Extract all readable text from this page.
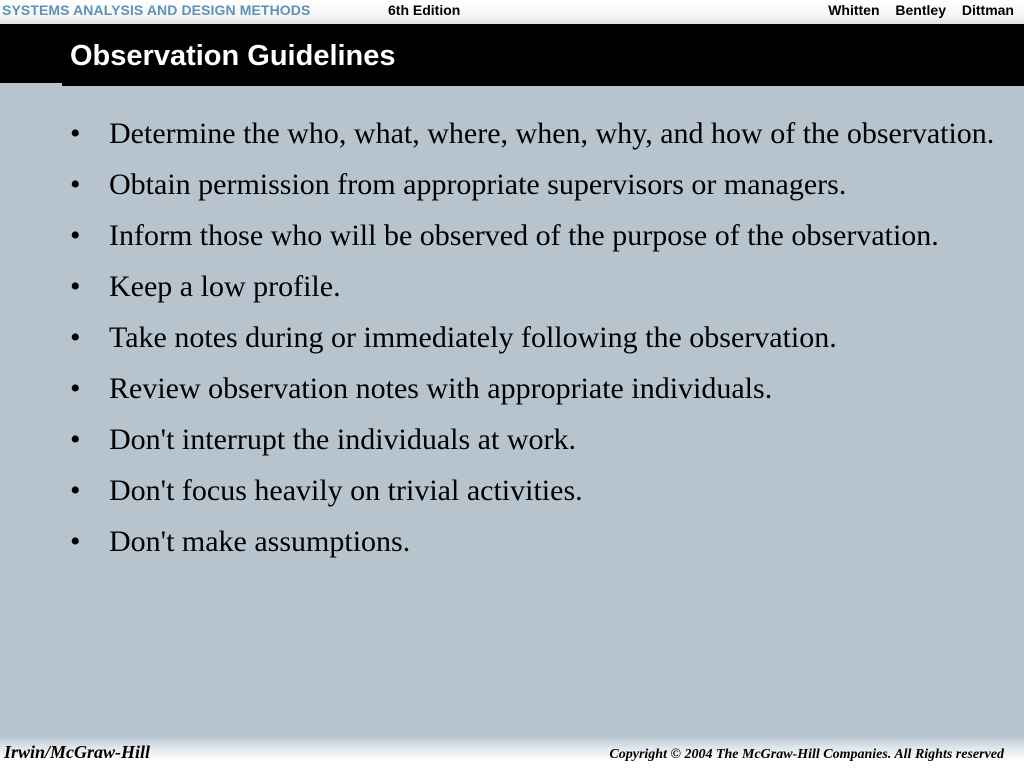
SYSTEMS ANALYSIS AND DESIGN METHODS	6th Edition	Whitten Bentley Dittman
Observation Guidelines
• Determine the who, what, where, when, why, and how of the observation.
• Obtain permission from appropriate supervisors or managers.
• Inform those who will be observed of the purpose of the observation.
• Keep a low profile.
• Take notes during or immediately following the observation.
• Review observation notes with appropriate individuals.
• Don't interrupt the individuals at work.
• Don't focus heavily on trivial activities.
• Don't make assumptions.
Irwin/McGraw-Hill	Copyright © 2004 The McGraw-Hill Companies. All Rights reserved
